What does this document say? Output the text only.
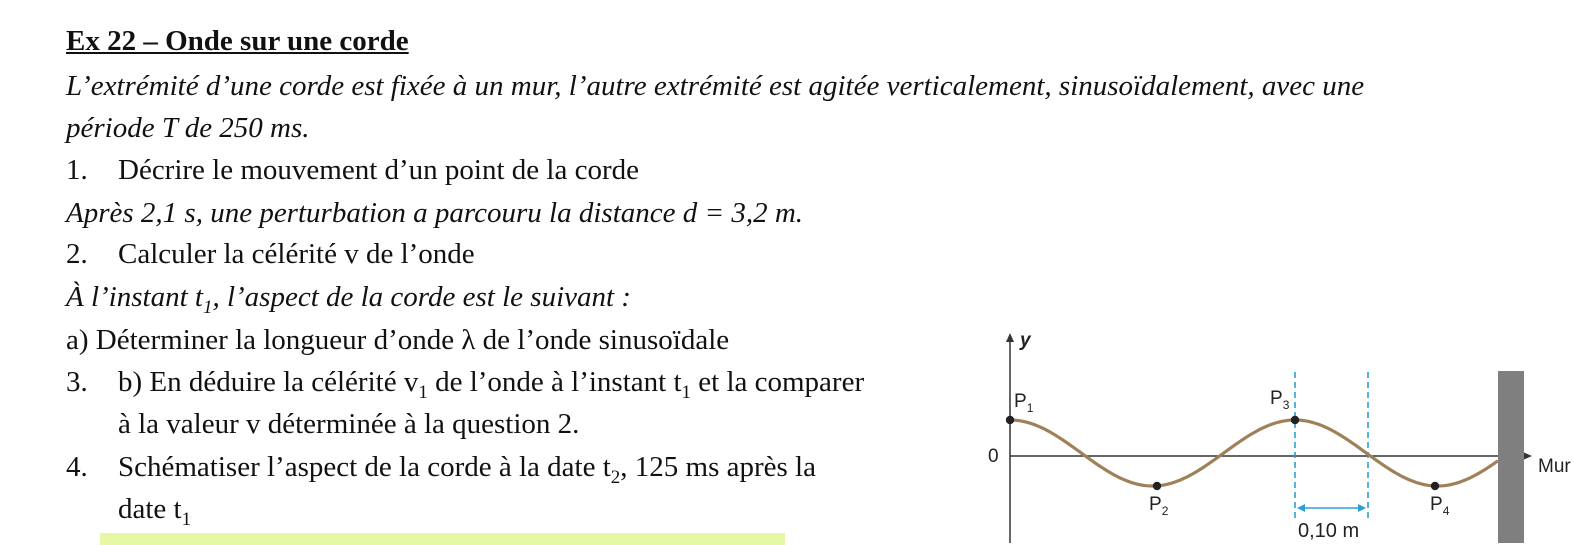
Ex 22 – Onde sur une corde
L’extrémité d’une corde est fixée à un mur, l’autre extrémité est agitée verticalement, sinusoïdalement, avec une
période T de 250 ms.
1. Décrire le mouvement d’un point de la corde
Après 2,1 s, une perturbation a parcouru la distance d = 3,2 m.
2. Calculer la célérité v de l’onde
À l’instant $t_1$, l’aspect de la corde est le suivant :
a) Déterminer la longueur d’onde λ de l’onde sinusoïdale
3. b) En déduire la célérité $v_1$ de l’onde à l’instant $t_1$ et la comparer
à la valeur v déterminée à la question 2.
4. Schématiser l’aspect de la corde à la date $t_2$, 125 ms après la
date $t_1$
y
0	Mur
$P_1$
$P_2$
$P_3$
$P_4$
0,10 m
